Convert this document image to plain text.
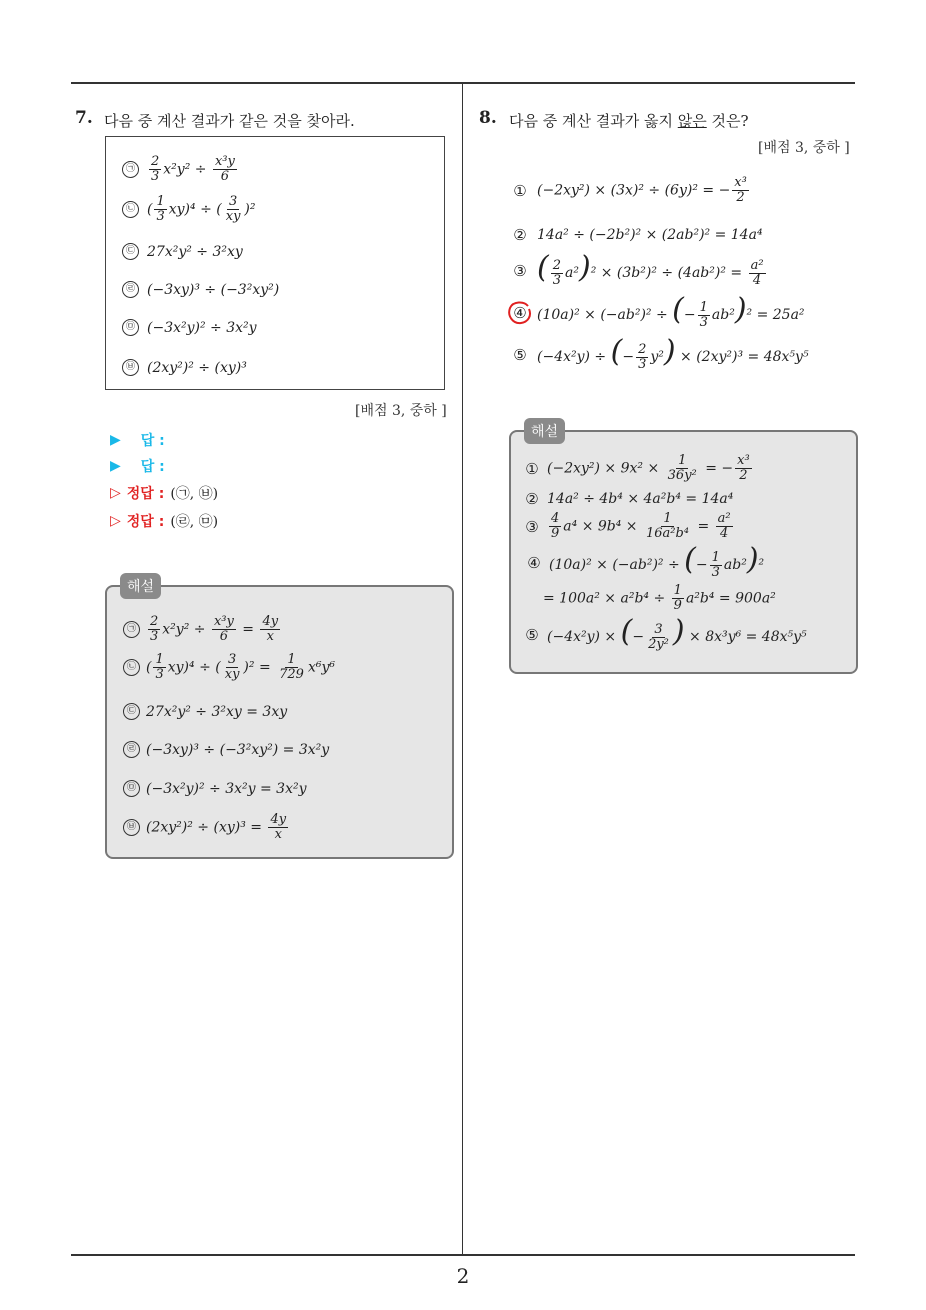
2
7. 다음 중 계산 결과가 같은 것을 찾아라.
㉠	$\frac{2}{3} x^2y^2 \div \frac{\text{x³y}}{6}$
㉡ ( $\frac{1}{3} xy)^4$ ÷ ( $\frac{3}{xy} )^2$
㉢ 27x²y² ÷ 3²xy
㉣ (−3xy)³ ÷ (−3²xy²)
㉤ (−3x²y)² ÷ 3x²y
㉥ (2xy²)² ÷ (xy)³
[배점 3, 중하 ]
▶ 답 :
▶ 답 :
▷ 정답 : (㉠, ㉥)
▷ 정답 : (㉣, ㉤)
㉠ $\frac{2}{3} x^2y^2 \div \frac{\text{x³y}}{6} = \frac{4y}{x}$
㉡ ( $\frac{1}{3} xy)^4$ ÷ ( $\frac{3}{xy} )^2 = \frac{1}{729} x^6y^6$
㉢ 27x²y² ÷ 3²xy = 3xy
㉣ (−3xy)³ ÷ (−3²xy²) = 3x²y
㉤ (−3x²y)² ÷ 3x²y = 3x²y
㉥ $(2xy^2)^2 \div (xy)^3 = \frac{4y}{x}$
해설
8. 다음 중 계산 결과가 옳지 않은 것은?
[배점 3, 중하 ]
① (−2xy²) × (3x)² ÷ (6y)² = − $\frac{\text{x³}}{2}$
② 14a² ÷ (−2b²)² × (2ab²)² = 14a⁴
③ ( $\frac{2}{3} a^2)^2 \times (3b^2)^2 \div (4ab^2)^2 = \frac{\text{a²}}{4}$
④ (10a)² × (−ab²)² ÷ (− $\frac{1}{3} ab^2)^2 = 25a^2$
⑤ (−4x²y) ÷ (− $\frac{2}{3} y^2) \times (2xy^2)^3 = 48x^5y^5$
① $(-2xy^2) \times 9x^2 \times \frac{1}{\text{36y²}}$ = − $\frac{\text{x³}}{2}$
② 14a² ÷ 4b⁴ × 4a²b⁴ = 14a⁴
③ $\frac{4}{9} a^4 \times 9b^4 \times \frac{1}{\text{16a²b⁴}} = \frac{\text{a²}}{4}$
④ (10a)² × (−ab²)² ÷ (− $\frac{1}{3} ab^2)^2$
= $100a^2 \times a^2b^4 \div \frac{1}{9} a^2b^4 = 900a^2$
⑤ (−4x²y) × (− $\frac{3}{\text{2y²}}$ ) × 8x³y⁶ = 48x⁵y⁵
해설
